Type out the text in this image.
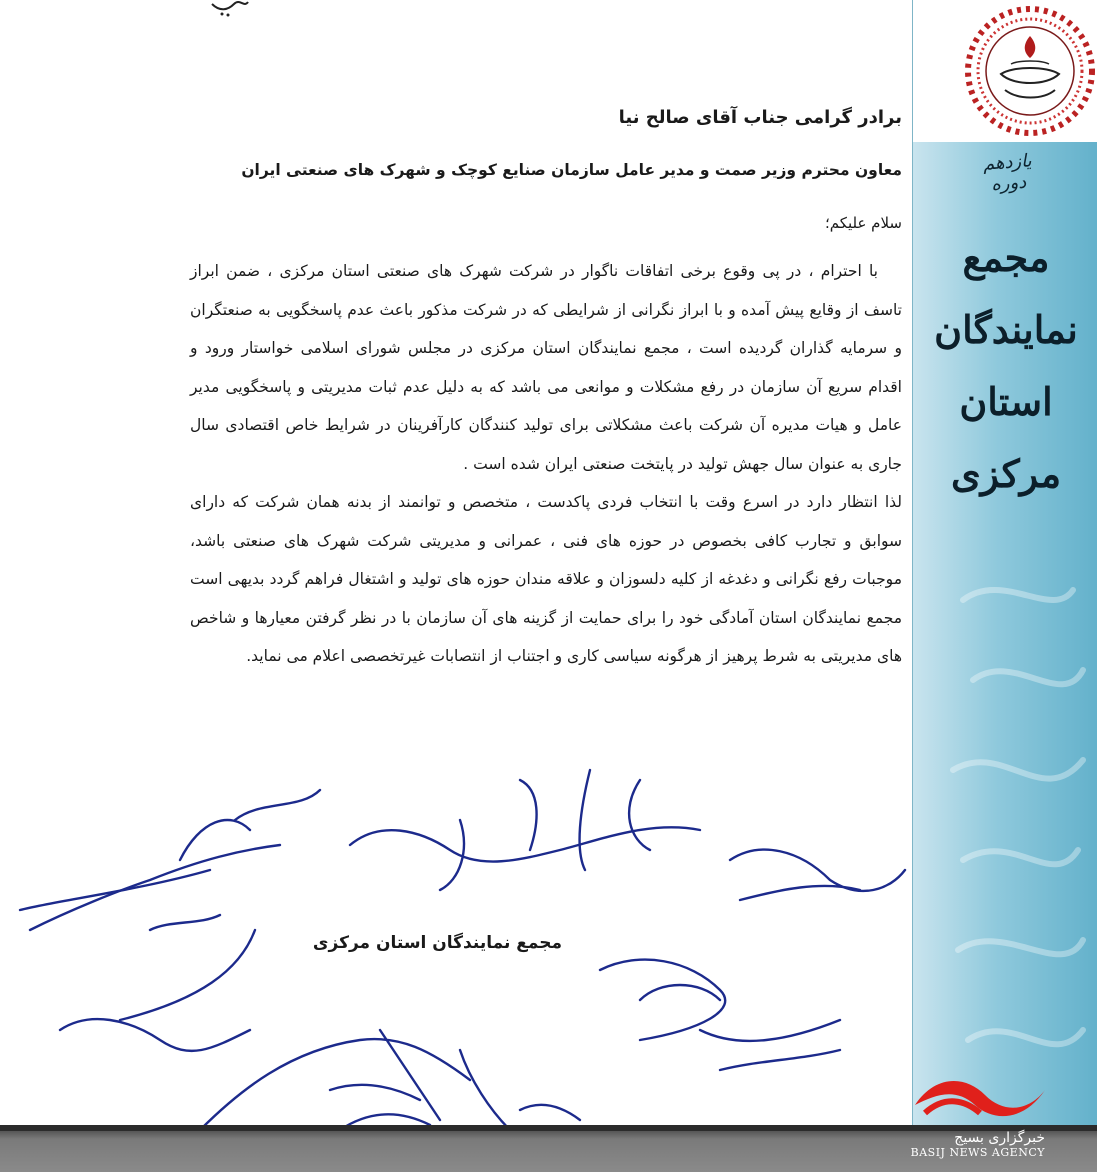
یازدهم دوره
مجمع نمایندگان استان مرکزی
برادر گرامی جناب آقای صالح نیا
معاون محترم وزیر صمت و مدیر عامل سازمان صنایع کوچک و شهرک های صنعتی ایران
سلام علیکم؛

با احترام ، در پی وقوع برخی اتفاقات ناگوار در شرکت شهرک های صنعتی استان مرکزی ، ضمن ابراز تاسف از وقایع پیش آمده و با ابراز نگرانی از شرایطی که در شرکت مذکور باعث عدم پاسخگویی به صنعتگران و سرمایه گذاران گردیده است ، مجمع نمایندگان استان مرکزی در مجلس شورای اسلامی خواستار ورود و اقدام سریع آن سازمان در رفع مشکلات و موانعی می باشد که به دلیل عدم ثبات مدیریتی و پاسخگویی مدیر عامل و هیات مدیره آن شرکت باعث مشکلاتی برای تولید کنندگان کارآفرینان در شرایط خاص اقتصادی سال جاری به عنوان سال جهش تولید در پایتخت صنعتی ایران شده است .

لذا انتظار دارد در اسرع وقت با انتخاب فردی پاکدست ، متخصص و توانمند از بدنه همان شرکت که دارای سوابق و تجارب کافی بخصوص در حوزه های فنی ، عمرانی و مدیریتی شرکت شهرک های صنعتی باشد، موجبات رفع نگرانی و دغدغه از کلیه دلسوزان و علاقه مندان حوزه های تولید و اشتغال فراهم گردد بدیهی است مجمع نمایندگان استان آمادگی خود را برای حمایت از گزینه های آن سازمان با در نظر گرفتن معیارها و شاخص های مدیریتی به شرط پرهیز از هرگونه سیاسی کاری و اجتناب از انتصابات غیرتخصصی اعلام می نماید.

مجمع نمایندگان استان مرکزی
خبرگزاری بسیج
BASIJ NEWS AGENCY
